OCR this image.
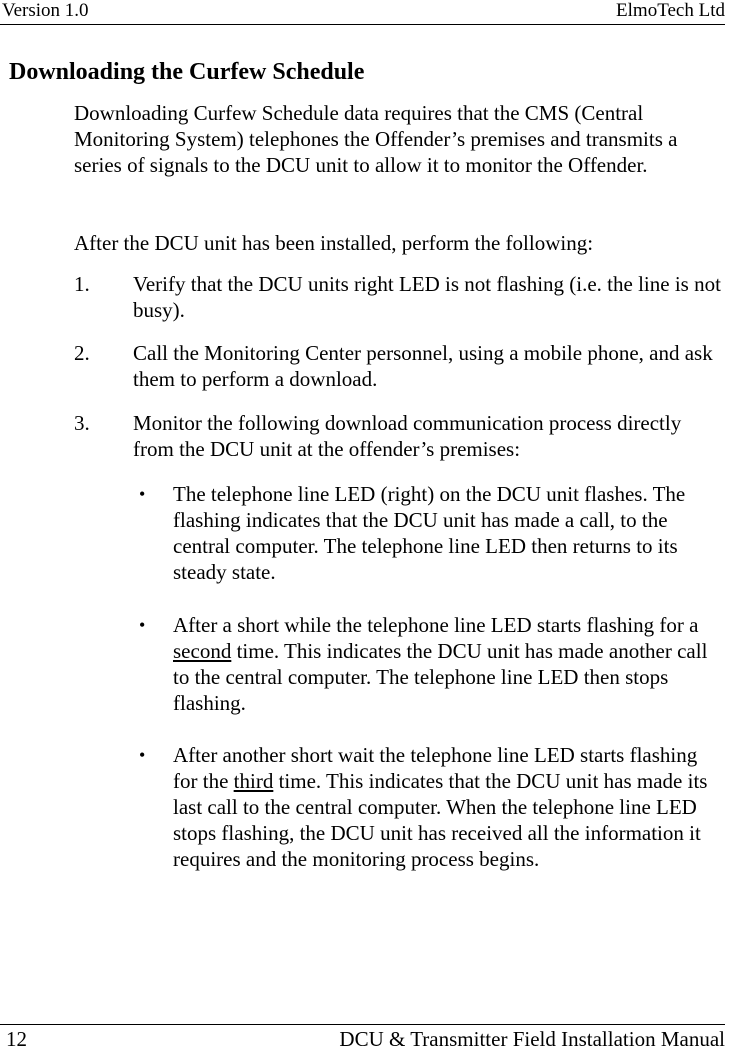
Version 1.0	ElmoTech Ltd
Downloading the Curfew Schedule

Downloading Curfew Schedule data requires that the CMS (Central Monitoring System) telephones the Offender’s premises and transmits a series of signals to the DCU unit to allow it to monitor the Offender.

After the DCU unit has been installed, perform the following:

1. Verify that the DCU units right LED is not flashing (i.e. the line is not busy).
2. Call the Monitoring Center personnel, using a mobile phone, and ask them to perform a download.
3. Monitor the following download communication process directly from the DCU unit at the offender’s premises:
• The telephone line LED (right) on the DCU unit flashes. The flashing indicates that the DCU unit has made a call, to the central computer. The telephone line LED then returns to its steady state.
• After a short while the telephone line LED starts flashing for a second time. This indicates the DCU unit has made another call to the central computer. The telephone line LED then stops flashing.
• After another short wait the telephone line LED starts flashing for the third time. This indicates that the DCU unit has made its last call to the central computer. When the telephone line LED stops flashing, the DCU unit has received all the information it requires and the monitoring process begins.
12	DCU & Transmitter Field Installation Manual
